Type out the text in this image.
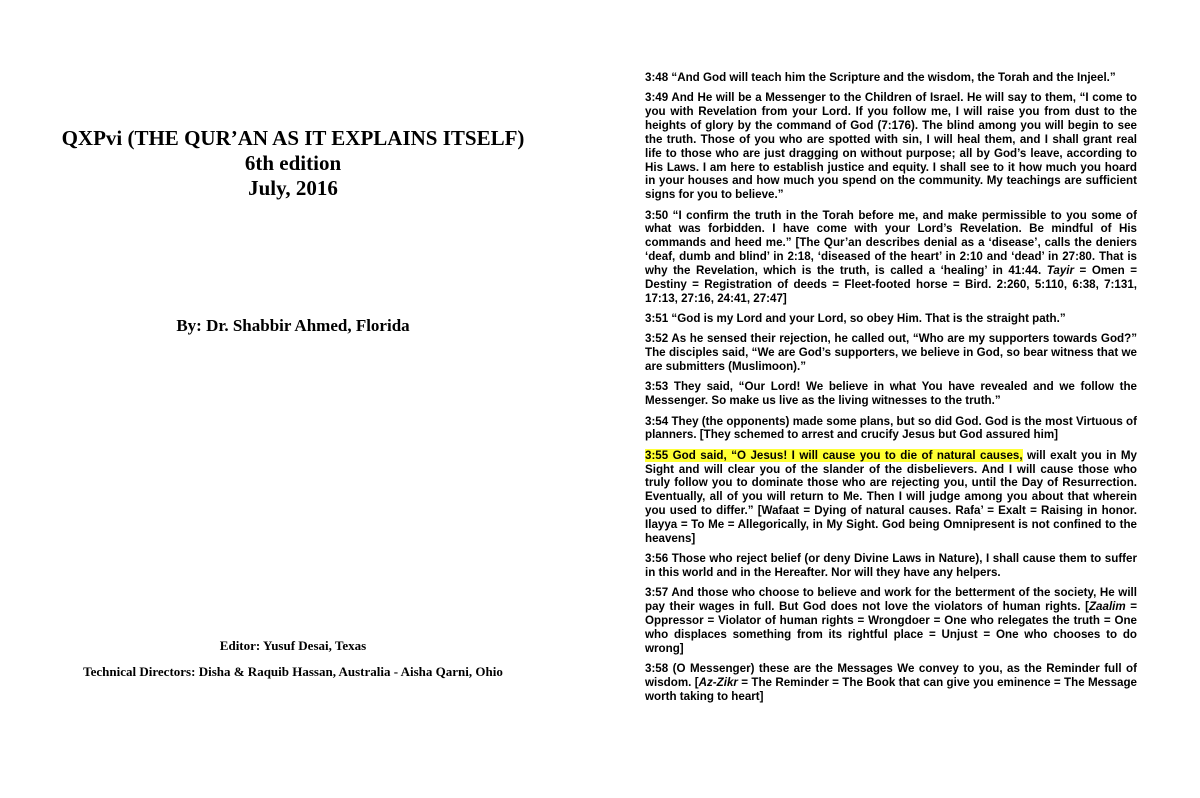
QXPvi (THE QUR’AN AS IT EXPLAINS ITSELF)
6th edition
July, 2016
By: Dr. Shabbir Ahmed, Florida
Editor: Yusuf Desai, Texas
Technical Directors: Disha & Raquib Hassan, Australia - Aisha Qarni, Ohio

3:48 “And God will teach him the Scripture and the wisdom, the Torah and the Injeel.”

3:49 And He will be a Messenger to the Children of Israel. He will say to them, “I come to you with Revelation from your Lord. If you follow me, I will raise you from dust to the heights of glory by the command of God (7:176). The blind among you will begin to see the truth. Those of you who are spotted with sin, I will heal them, and I shall grant real life to those who are just dragging on without purpose; all by God’s leave, according to His Laws. I am here to establish justice and equity. I shall see to it how much you hoard in your houses and how much you spend on the community. My teachings are sufficient signs for you to believe.”

3:50 “I confirm the truth in the Torah before me, and make permissible to you some of what was forbidden. I have come with your Lord’s Revelation. Be mindful of His commands and heed me.” [The Qur’an describes denial as a ‘disease’, calls the deniers ‘deaf, dumb and blind’ in 2:18, ‘diseased of the heart’ in 2:10 and ‘dead’ in 27:80. That is why the Revelation, which is the truth, is called a ‘healing’ in 41:44. Tayir = Omen = Destiny = Registration of deeds = Fleet-footed horse = Bird. 2:260, 5:110, 6:38, 7:131, 17:13, 27:16, 24:41, 27:47]

3:51 “God is my Lord and your Lord, so obey Him. That is the straight path.”

3:52 As he sensed their rejection, he called out, “Who are my supporters towards God?” The disciples said, “We are God’s supporters, we believe in God, so bear witness that we are submitters (Muslimoon).”

3:53 They said, “Our Lord! We believe in what You have revealed and we follow the Messenger. So make us live as the living witnesses to the truth.”

3:54 They (the opponents) made some plans, but so did God. God is the most Virtuous of planners. [They schemed to arrest and crucify Jesus but God assured him]

3:55 God said, “O Jesus! I will cause you to die of natural causes, will exalt you in My Sight and will clear you of the slander of the disbelievers. And I will cause those who truly follow you to dominate those who are rejecting you, until the Day of Resurrection. Eventually, all of you will return to Me. Then I will judge among you about that wherein you used to differ.” [Wafaat = Dying of natural causes. Rafa’ = Exalt = Raising in honor. Ilayya = To Me = Allegorically, in My Sight. God being Omnipresent is not confined to the heavens]

3:56 Those who reject belief (or deny Divine Laws in Nature), I shall cause them to suffer in this world and in the Hereafter. Nor will they have any helpers.

3:57 And those who choose to believe and work for the betterment of the society, He will pay their wages in full. But God does not love the violators of human rights. [Zaalim = Oppressor = Violator of human rights = Wrongdoer = One who relegates the truth = One who displaces something from its rightful place = Unjust = One who chooses to do wrong]

3:58 (O Messenger) these are the Messages We convey to you, as the Reminder full of wisdom. [Az-Zikr = The Reminder = The Book that can give you eminence = The Message worth taking to heart]
